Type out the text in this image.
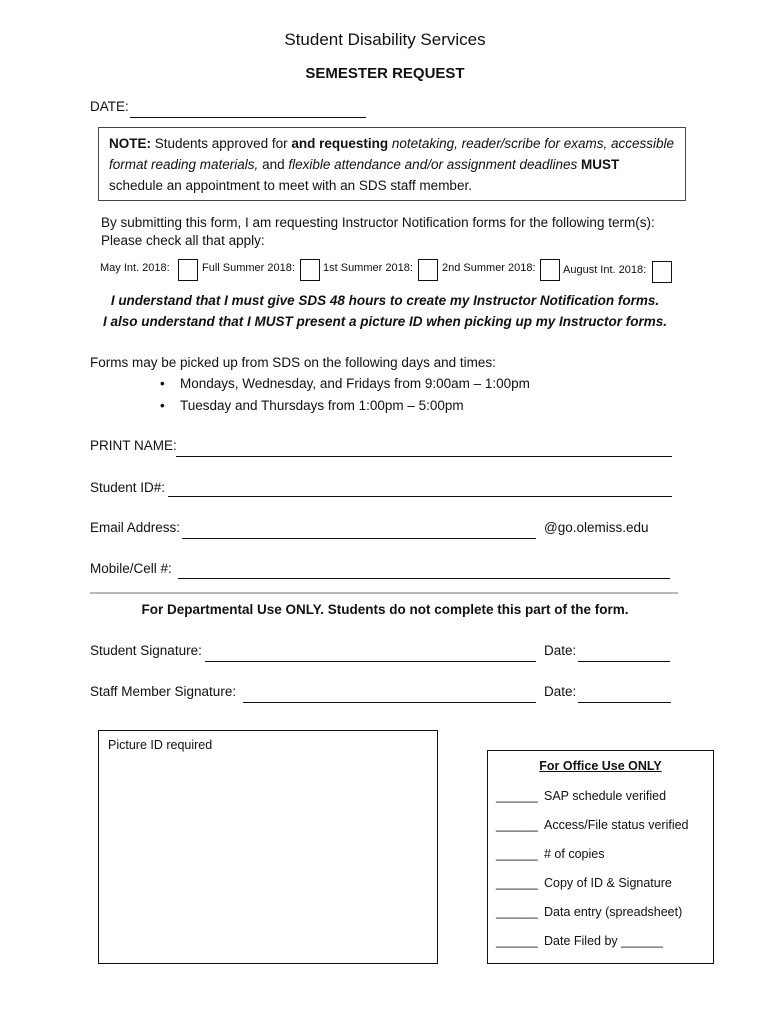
Student Disability Services
SEMESTER REQUEST
DATE:
NOTE: Students approved for and requesting notetaking, reader/scribe for exams, accessible format reading materials, and flexible attendance and/or assignment deadlines MUST schedule an appointment to meet with an SDS staff member.
By submitting this form, I am requesting Instructor Notification forms for the following term(s):
Please check all that apply:
May Int. 2018:	Full Summer 2018:	1st Summer 2018:	2nd Summer 2018: August Int. 2018:
I understand that I must give SDS 48 hours to create my Instructor Notification forms.
I also understand that I MUST present a picture ID when picking up my Instructor forms.
Forms may be picked up from SDS on the following days and times:
• Mondays, Wednesday, and Fridays from 9:00am – 1:00pm
• Tuesday and Thursdays from 1:00pm – 5:00pm
PRINT NAME:
Student ID#:
Email Address:	@go.olemiss.edu
Mobile/Cell #:
For Departmental Use ONLY. Students do not complete this part of the form.
Student Signature:	Date:
Staff Member Signature:	Date:
Picture ID required
For Office Use ONLY
______ SAP schedule verified
______ Access/File status verified
______ # of copies
______ Copy of ID & Signature
______ Data entry (spreadsheet)
______ Date Filed by ______
